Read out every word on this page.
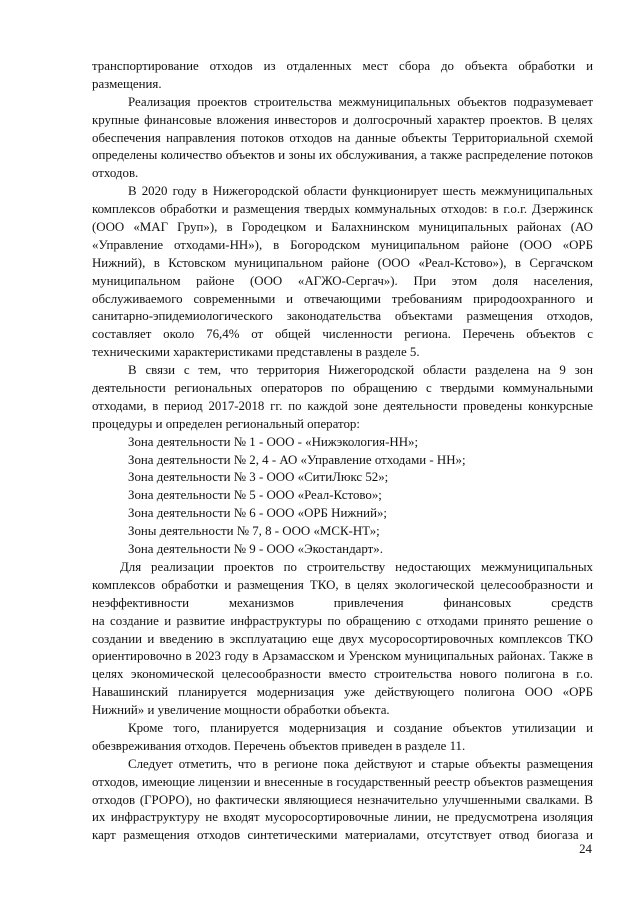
транспортирование отходов из отдаленных мест сбора до объекта обработки и
размещения.
Реализация проектов строительства межмуниципальных объектов подразумевает
крупные финансовые вложения инвесторов и долгосрочный характер проектов. В целях
обеспечения направления потоков отходов на данные объекты Территориальной схемой
определены количество объектов и зоны их обслуживания, а также распределение потоков
отходов.
В 2020 году в Нижегородской области функционирует шесть межмуниципальных
комплексов обработки и размещения твердых коммунальных отходов: в г.о.г. Дзержинск
(ООО «МАГ Груп»), в Городецком и Балахнинском муниципальных районах (АО
«Управление отходами-НН»), в Богородском муниципальном районе (ООО «ОРБ
Нижний), в Кстовском муниципальном районе (ООО «Реал-Кстово»), в Сергачском
муниципальном районе (ООО «АГЖО-Сергач»). При этом доля населения,
обслуживаемого современными и отвечающими требованиям природоохранного и
санитарно-эпидемиологического законодательства объектами размещения отходов,
составляет около 76,4% от общей численности региона. Перечень объектов с
техническими характеристиками представлены в разделе 5.
В связи с тем, что территория Нижегородской области разделена на 9 зон
деятельности региональных операторов по обращению с твердыми коммунальными
отходами, в период 2017-2018 гг. по каждой зоне деятельности проведены конкурсные
процедуры и определен региональный оператор:
Зона деятельности № 1 - ООО - «Нижэкология-НН»;
Зона деятельности № 2, 4 - АО «Управление отходами - НН»;
Зона деятельности № 3 - ООО «СитиЛюкс 52»;
Зона деятельности № 5 - ООО «Реал-Кстово»;
Зона деятельности № 6 - ООО «ОРБ Нижний»;
Зоны деятельности № 7, 8 - ООО «МСК-НТ»;
Зона деятельности № 9 - ООО «Экостандарт».
Для реализации проектов по строительству недостающих межмуниципальных
комплексов обработки и размещения ТКО, в целях экологической целесообразности и
неэффективности механизмов привлечения финансовых средств
на создание и развитие инфраструктуры по обращению с отходами принято решение о
создании и введению в эксплуатацию еще двух мусоросортировочных комплексов ТКО
ориентировочно в 2023 году в Арзамасском и Уренском муниципальных районах. Также в
целях экономической целесообразности вместо строительства нового полигона в г.о.
Навашинский планируется модернизация уже действующего полигона ООО «ОРБ
Нижний» и увеличение мощности обработки объекта.
Кроме того, планируется модернизация и создание объектов утилизации и
обезвреживания отходов. Перечень объектов приведен в разделе 11.
Следует отметить, что в регионе пока действуют и старые объекты размещения
отходов, имеющие лицензии и внесенные в государственный реестр объектов размещения
отходов (ГРОРО), но фактически являющиеся незначительно улучшенными свалками. В
их инфраструктуру не входят мусоросортировочные линии, не предусмотрена изоляция
карт размещения отходов синтетическими материалами, отсутствует отвод биогаза и
24
